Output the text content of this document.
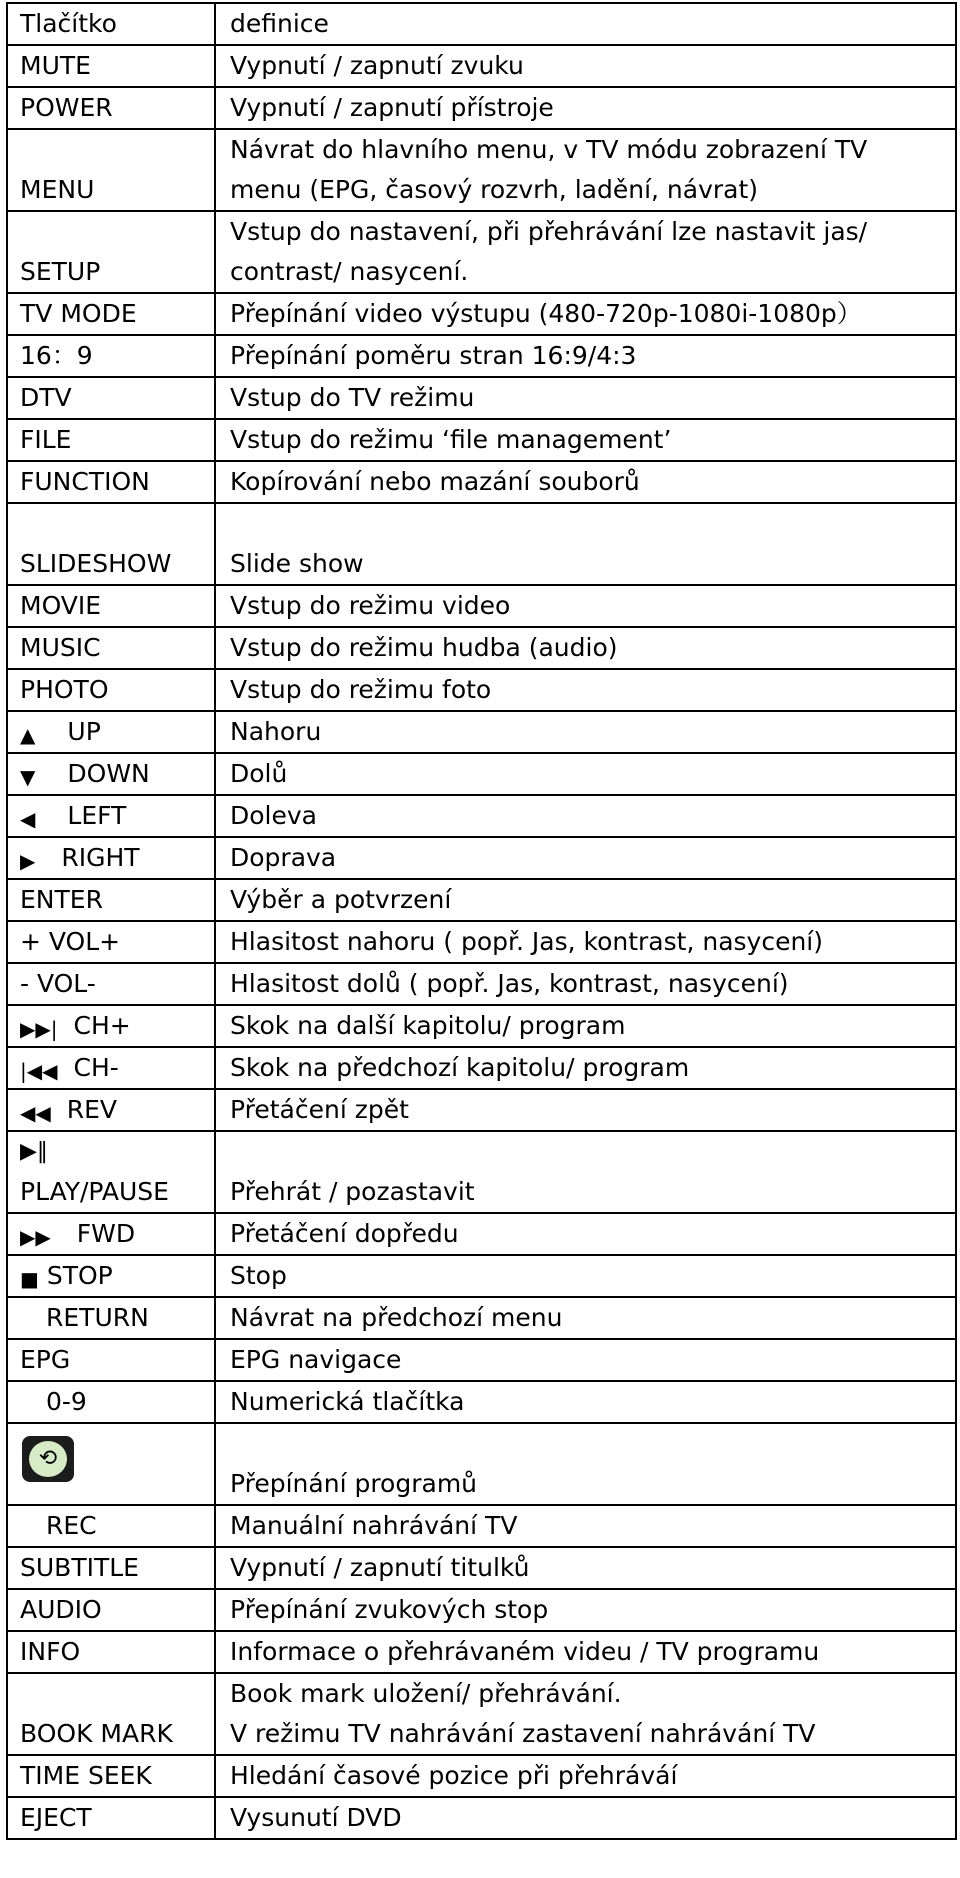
Tlačítko	definice
MUTE	Vypnutí / zapnutí zvuku
POWER	Vypnutí / zapnutí přístroje
MENU	Návrat do hlavního menu, v TV módu zobrazení TV
menu (EPG, časový rozvrh, ladění, návrat)

SETUP	Vstup do nastavení, při přehrávání lze nastavit jas/
contrast/ nasycení.

TV MODE	Přepínání video výstupu (480-720p-1080i-1080p）
16：9	Přepínání poměru stran 16:9/4:3
DTV	Vstup do TV režimu
FILE	Vstup do režimu ‘file management’
FUNCTION	Kopírování nebo mazání souborů
SLIDESHOW	Slide show
MOVIE	Vstup do režimu video
MUSIC	Vstup do režimu hudba (audio)
PHOTO	Vstup do režimu foto
▲ UP	Nahoru
▼ DOWN	Dolů
◀ LEFT	Doleva
▶ RIGHT	Doprava
ENTER	Výběr a potvrzení
+ VOL+	Hlasitost nahoru ( popř. Jas, kontrast, nasycení)
- VOL-	Hlasitost dolů ( popř. Jas, kontrast, nasycení)
▶▶| CH+	Skok na další kapitolu/ program
|◀◀ CH-	Skok na předchozí kapitolu/ program
◀◀ REV	Přetáčení zpět

▶‖
PLAY/PAUSE	Přehrát / pozastavit
▶▶ FWD	Přetáčení dopředu
■ STOP	Stop
RETURN	Návrat na předchozí menu
EPG	EPG navigace
0-9	Numerická tlačítka

⟲	Přepínání programů
REC	Manuální nahrávání TV
SUBTITLE	Vypnutí / zapnutí titulků
AUDIO	Přepínání zvukových stop
INFO	Informace o přehrávaném videu / TV programu
BOOK MARK	Book mark uložení/ přehrávání.
V režimu TV nahrávání zastavení nahrávání TV

TIME SEEK	Hledání časové pozice při přehráváí
EJECT	Vysunutí DVD
